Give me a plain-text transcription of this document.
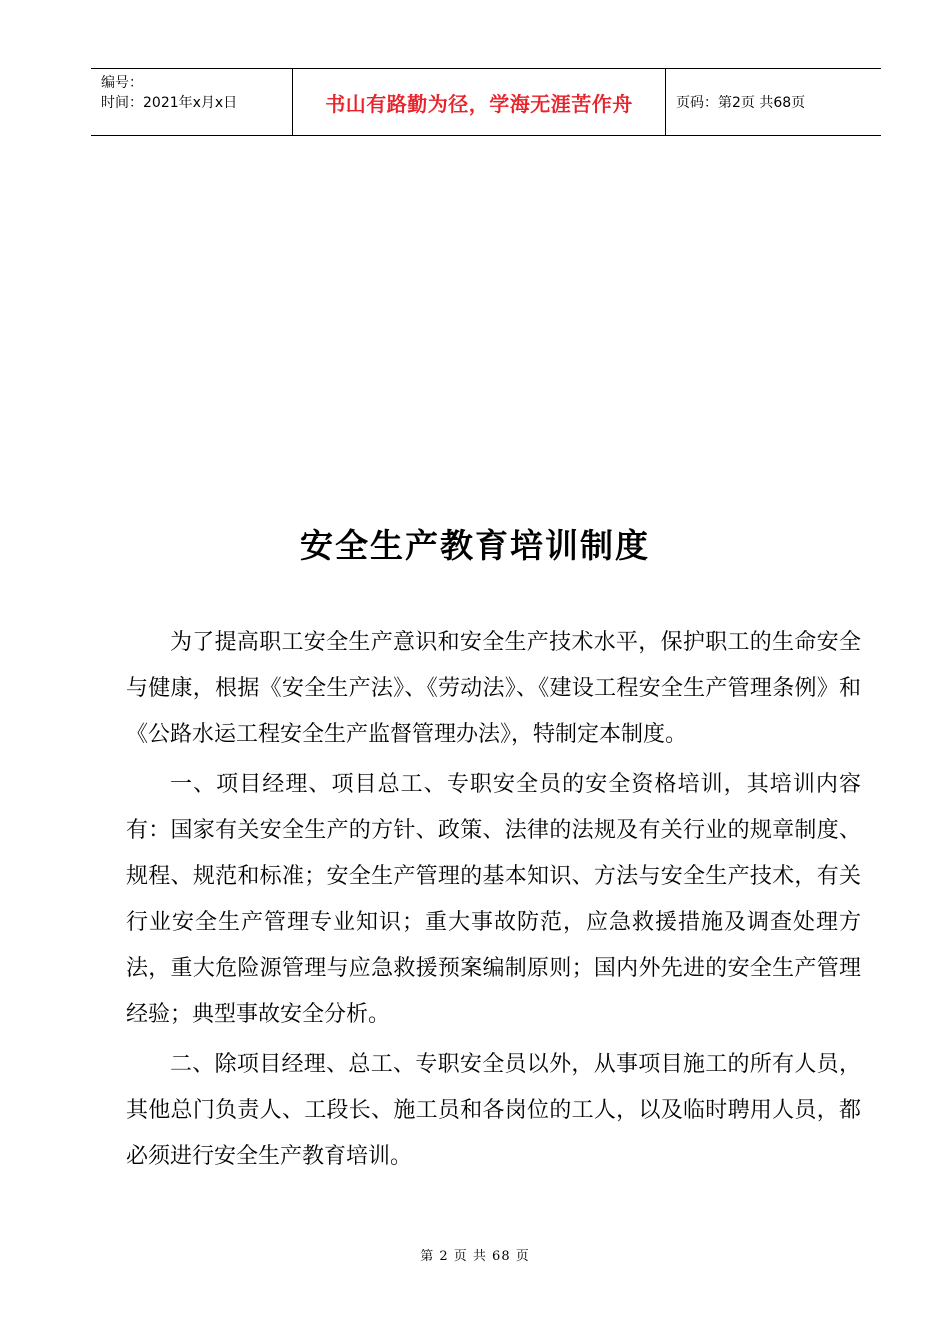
编号：
时间：2021年x月x日	书山有路勤为径，学海无涯苦作舟	页码：第2页 共68页
安全生产教育培训制度

为了提高职工安全生产意识和安全生产技术水平，保护职工的生命安全与健康，根据《安全生产法》、《劳动法》、《建设工程安全生产管理条例》和《公路水运工程安全生产监督管理办法》，特制定本制度。

一、项目经理、项目总工、专职安全员的安全资格培训，其培训内容有：国家有关安全生产的方针、政策、法律的法规及有关行业的规章制度、规程、规范和标准；安全生产管理的基本知识、方法与安全生产技术，有关行业安全生产管理专业知识；重大事故防范，应急救援措施及调查处理方法，重大危险源管理与应急救援预案编制原则；国内外先进的安全生产管理经验；典型事故安全分析。

二、除项目经理、总工、专职安全员以外，从事项目施工的所有人员，其他总门负责人、工段长、施工员和各岗位的工人，以及临时聘用人员，都必须进行安全生产教育培训。

第 2 页 共 68 页
